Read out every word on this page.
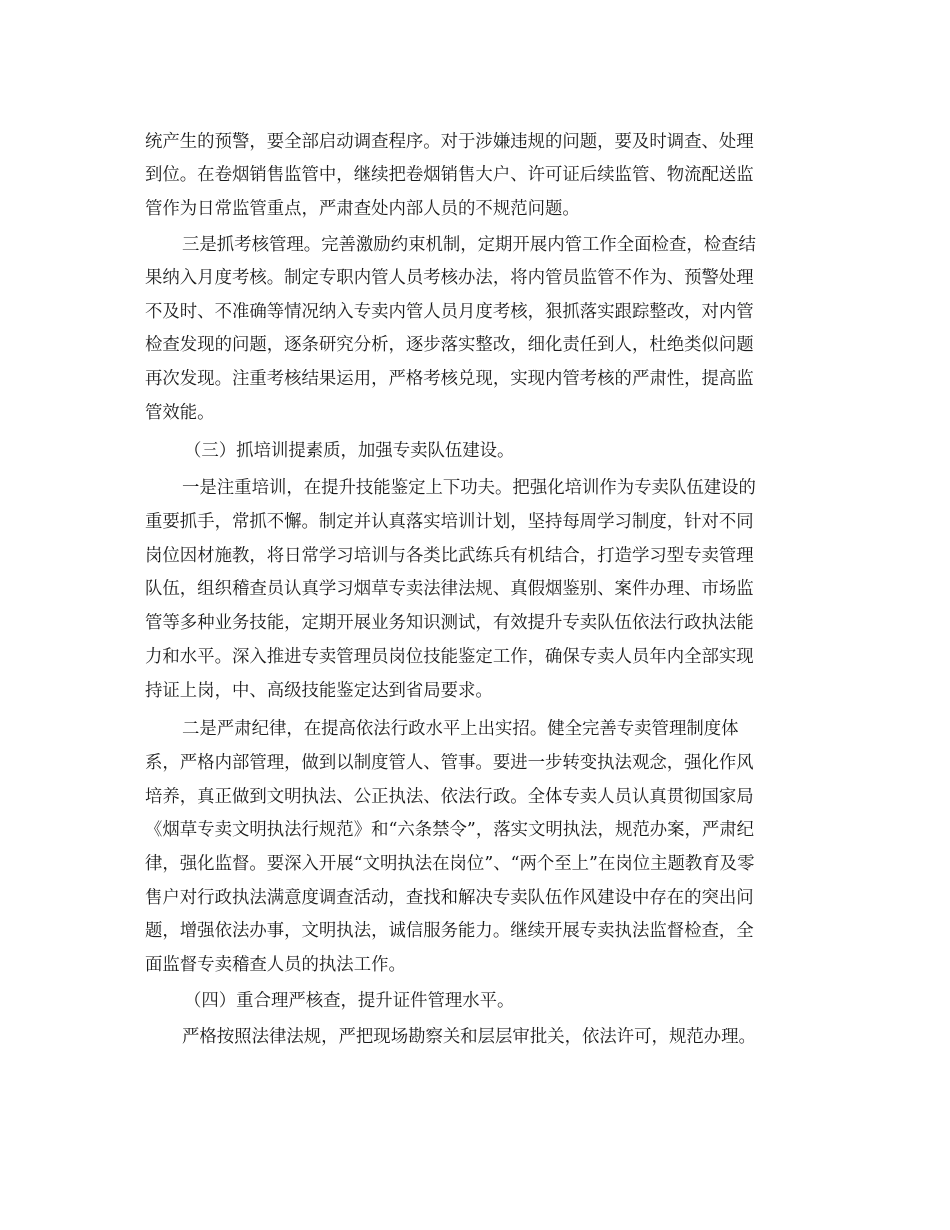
统产生的预警，要全部启动调查程序。对于涉嫌违规的问题，要及时调查、处理
到位。在卷烟销售监管中，继续把卷烟销售大户、许可证后续监管、物流配送监
管作为日常监管重点，严肃查处内部人员的不规范问题。
三是抓考核管理。完善激励约束机制，定期开展内管工作全面检查，检查结
果纳入月度考核。制定专职内管人员考核办法，将内管员监管不作为、预警处理
不及时、不准确等情况纳入专卖内管人员月度考核，狠抓落实跟踪整改，对内管
检查发现的问题，逐条研究分析，逐步落实整改，细化责任到人，杜绝类似问题
再次发现。注重考核结果运用，严格考核兑现，实现内管考核的严肃性，提高监
管效能。
（三）抓培训提素质，加强专卖队伍建设。
一是注重培训，在提升技能鉴定上下功夫。把强化培训作为专卖队伍建设的
重要抓手，常抓不懈。制定并认真落实培训计划，坚持每周学习制度，针对不同
岗位因材施教，将日常学习培训与各类比武练兵有机结合，打造学习型专卖管理
队伍，组织稽查员认真学习烟草专卖法律法规、真假烟鉴别、案件办理、市场监
管等多种业务技能，定期开展业务知识测试，有效提升专卖队伍依法行政执法能
力和水平。深入推进专卖管理员岗位技能鉴定工作，确保专卖人员年内全部实现
持证上岗，中、高级技能鉴定达到省局要求。
二是严肃纪律，在提高依法行政水平上出实招。健全完善专卖管理制度体
系，严格内部管理，做到以制度管人、管事。要进一步转变执法观念，强化作风
培养，真正做到文明执法、公正执法、依法行政。全体专卖人员认真贯彻国家局
《烟草专卖文明执法行规范》和“六条禁令”，落实文明执法，规范办案，严肃纪
律，强化监督。要深入开展“文明执法在岗位”、“两个至上”在岗位主题教育及零
售户对行政执法满意度调查活动，查找和解决专卖队伍作风建设中存在的突出问
题，增强依法办事，文明执法，诚信服务能力。继续开展专卖执法监督检查，全
面监督专卖稽查人员的执法工作。
（四）重合理严核查，提升证件管理水平。
严格按照法律法规，严把现场勘察关和层层审批关，依法许可，规范办理。
